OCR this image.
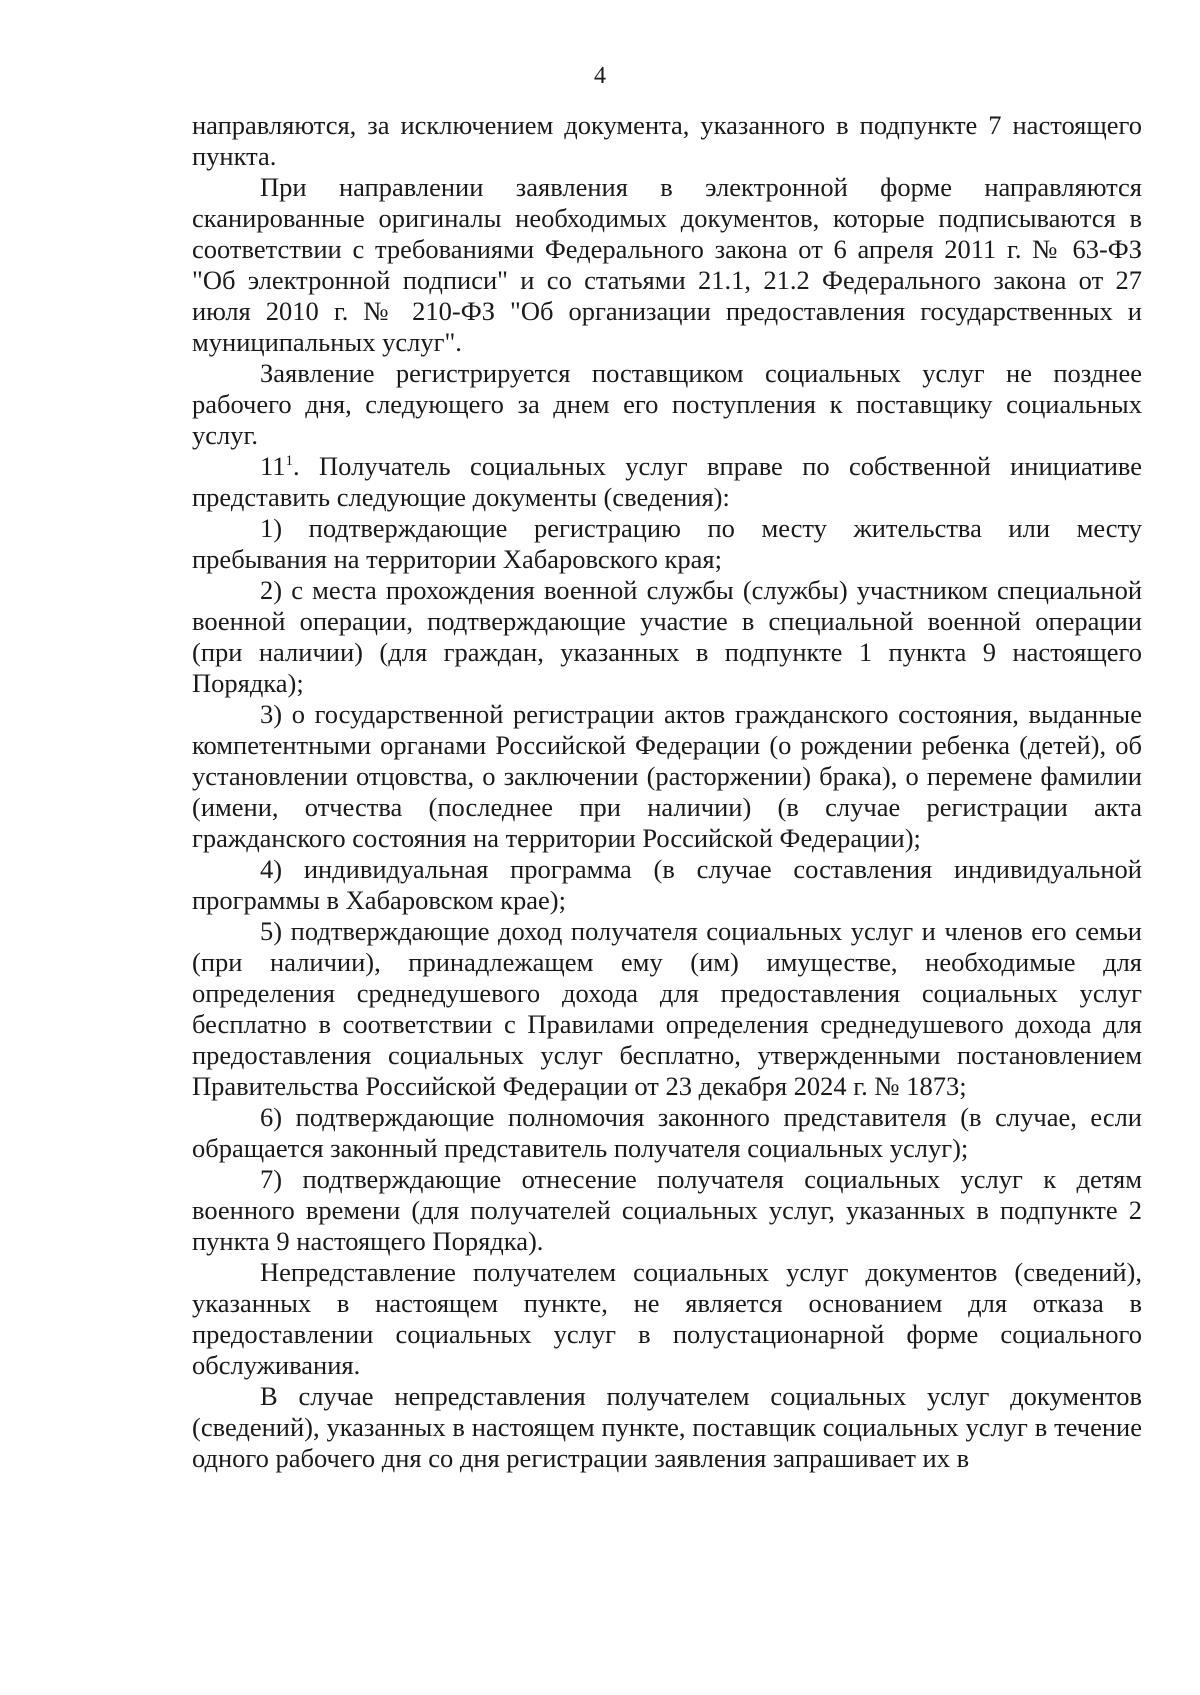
4

направляются, за исключением документа, указанного в подпункте 7 настоящего пункта.

При направлении заявления в электронной форме направляются сканированные оригиналы необходимых документов, которые подписываются в соответствии с требованиями Федерального закона от 6 апреля 2011 г. № 63-ФЗ "Об электронной подписи" и со статьями 21.1, 21.2 Федерального закона от 27 июля 2010 г. № 210-ФЗ "Об организации предоставления государственных и муниципальных услуг".

Заявление регистрируется поставщиком социальных услуг не позднее рабочего дня, следующего за днем его поступления к поставщику социальных услуг.

$11^1$. Получатель социальных услуг вправе по собственной инициативе представить следующие документы (сведения):

1) подтверждающие регистрацию по месту жительства или месту пребывания на территории Хабаровского края;

2) с места прохождения военной службы (службы) участником специальной военной операции, подтверждающие участие в специальной военной операции (при наличии) (для граждан, указанных в подпункте 1 пункта 9 настоящего Порядка);

3) о государственной регистрации актов гражданского состояния, выданные компетентными органами Российской Федерации (о рождении ребенка (детей), об установлении отцовства, о заключении (расторжении) брака), о перемене фамилии (имени, отчества (последнее при наличии) (в случае регистрации акта гражданского состояния на территории Российской Федерации);

4) индивидуальная программа (в случае составления индивидуальной программы в Хабаровском крае);

5) подтверждающие доход получателя социальных услуг и членов его семьи (при наличии), принадлежащем ему (им) имуществе, необходимые для определения среднедушевого дохода для предоставления социальных услуг бесплатно в соответствии с Правилами определения среднедушевого дохода для предоставления социальных услуг бесплатно, утвержденными постановлением Правительства Российской Федерации от 23 декабря 2024 г. № 1873;

6) подтверждающие полномочия законного представителя (в случае, если обращается законный представитель получателя социальных услуг);

7) подтверждающие отнесение получателя социальных услуг к детям военного времени (для получателей социальных услуг, указанных в подпункте 2 пункта 9 настоящего Порядка).

Непредставление получателем социальных услуг документов (сведений), указанных в настоящем пункте, не является основанием для отказа в предоставлении социальных услуг в полустационарной форме социального обслуживания.

В случае непредставления получателем социальных услуг документов (сведений), указанных в настоящем пункте, поставщик социальных услуг в течение одного рабочего дня со дня регистрации заявления запрашивает их в
